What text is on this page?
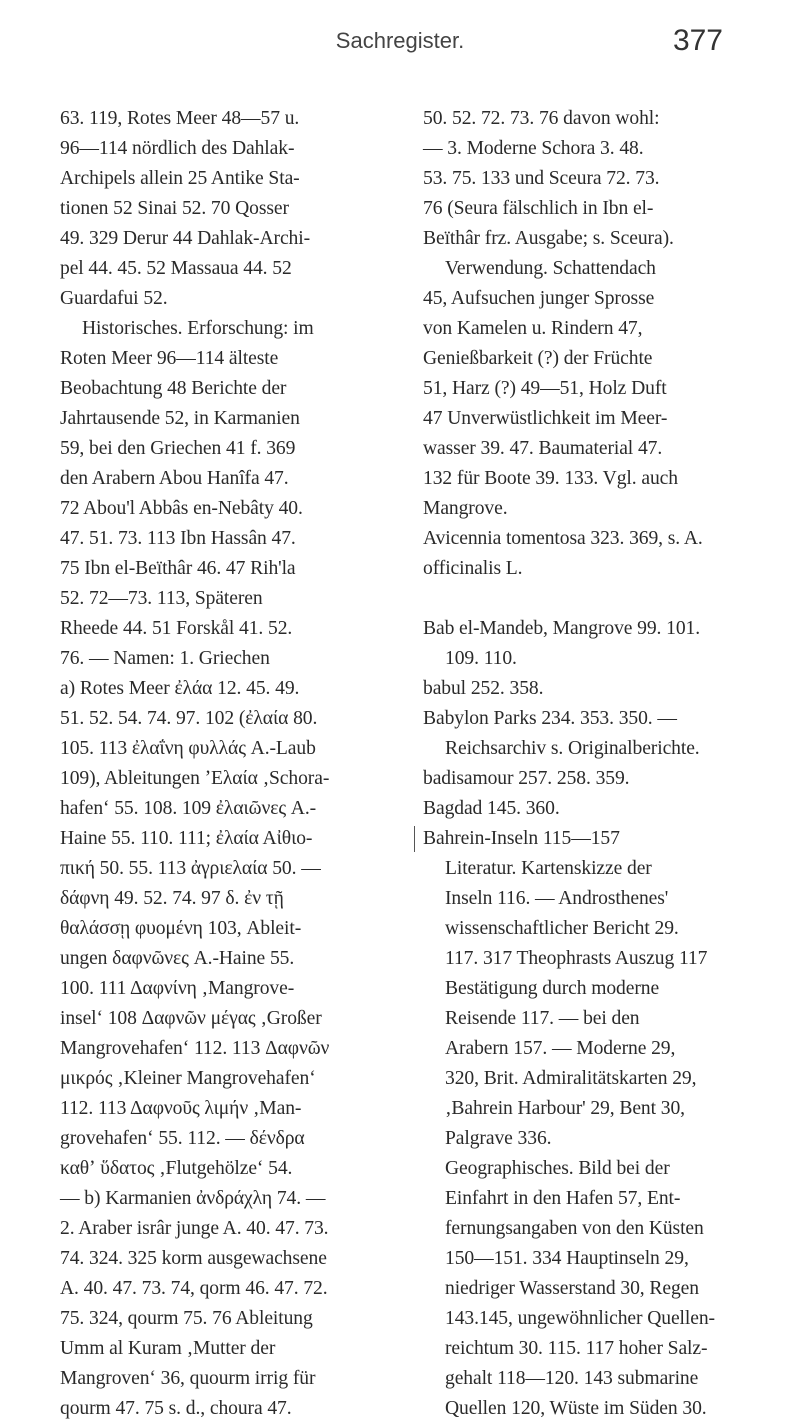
Sachregister.	377
63. 119, Rotes Meer 48—57 u.
96—114 nördlich des Dahlak-
Archipels allein 25 Antike Sta-
tionen 52 Sinai 52. 70 Qosser
49. 329 Derur 44 Dahlak-Archi-
pel 44. 45. 52 Massaua 44. 52
Guardafui 52.
Historisches. Erforschung: im
Roten Meer 96—114 älteste
Beobachtung 48 Berichte der
Jahrtausende 52, in Karmanien
59, bei den Griechen 41 f. 369
den Arabern Abou Hanîfa 47.
72 Abou'l Abbâs en-Nebâty 40.
47. 51. 73. 113 Ibn Hassân 47.
75 Ibn el-Beïthâr 46. 47 Rih'la
52. 72—73. 113, Späteren
Rheede 44. 51 Forskål 41. 52.
76. — Namen: 1. Griechen
a) Rotes Meer ἐλάα 12. 45. 49.
51. 52. 54. 74. 97. 102 (ἐλαία 80.
105. 113 ἐλαΐνη φυλλάς A.-Laub
109), Ableitungen ʼΕλαία ‚Schora-
hafen‘ 55. 108. 109 ἐλαιῶνες A.-
Haine 55. 110. 111; ἐλαία Αἰθιο-
πική 50. 55. 113 ἀγριελαία 50. —
δάφνη 49. 52. 74. 97 δ. ἐν τῇ
θαλάσσῃ φυομένη 103, Ableit-
ungen δαφνῶνες A.-Haine 55.
100. 111 Δαφνίνη ‚Mangrove-
insel‘ 108 Δαφνῶν μέγας ‚Großer
Mangrovehafen‘ 112. 113 Δαφνῶν
μικρός ‚Kleiner Mangrovehafen‘
112. 113 Δαφνοῦς λιμήν ‚Man-
grovehafen‘ 55. 112. — δένδρα
καθʼ ὕδατος ‚Flutgehölze‘ 54.
— b) Karmanien ἀνδράχλη 74. —
2. Araber isrâr junge A. 40. 47. 73.
74. 324. 325 korm ausgewachsene
A. 40. 47. 73. 74, qorm 46. 47. 72.
75. 324, qourm 75. 76 Ableitung
Umm al Kuram ‚Mutter der
Mangroven‘ 36, quourm irrig für
qourm 47. 75 s. d., choura 47.
50. 52. 72. 73. 76 davon wohl:
— 3. Moderne Schora 3. 48.
53. 75. 133 und Sceura 72. 73.
76 (Seura fälschlich in Ibn el-
Beïthâr frz. Ausgabe; s. Sceura).
Verwendung. Schattendach
45, Aufsuchen junger Sprosse
von Kamelen u. Rindern 47,
Genießbarkeit (?) der Früchte
51, Harz (?) 49—51, Holz Duft
47 Unverwüstlichkeit im Meer-
wasser 39. 47. Baumaterial 47.
132 für Boote 39. 133. Vgl. auch
Mangrove.
Avicennia tomentosa 323. 369, s. A.
officinalis L.
Bab el-Mandeb, Mangrove 99. 101.
109. 110.
babul 252. 358.
Babylon Parks 234. 353. 350. —
Reichsarchiv s. Originalberichte.
badisamour 257. 258. 359.
Bagdad 145. 360.
Bahrein-Inseln 115—157
Literatur. Kartenskizze der
Inseln 116. — Androsthenes'
wissenschaftlicher Bericht 29.
117. 317 Theophrasts Auszug 117
Bestätigung durch moderne
Reisende 117. — bei den
Arabern 157. — Moderne 29,
320, Brit. Admiralitätskarten 29,
‚Bahrein Harbour' 29, Bent 30,
Palgrave 336.
Geographisches. Bild bei der
Einfahrt in den Hafen 57, Ent-
fernungsangaben von den Küsten
150—151. 334 Hauptinseln 29,
niedriger Wasserstand 30, Regen
143.145, ungewöhnlicher Quellen-
reichtum 30. 115. 117 hoher Salz-
gehalt 118—120. 143 submarine
Quellen 120, Wüste im Süden 30.
